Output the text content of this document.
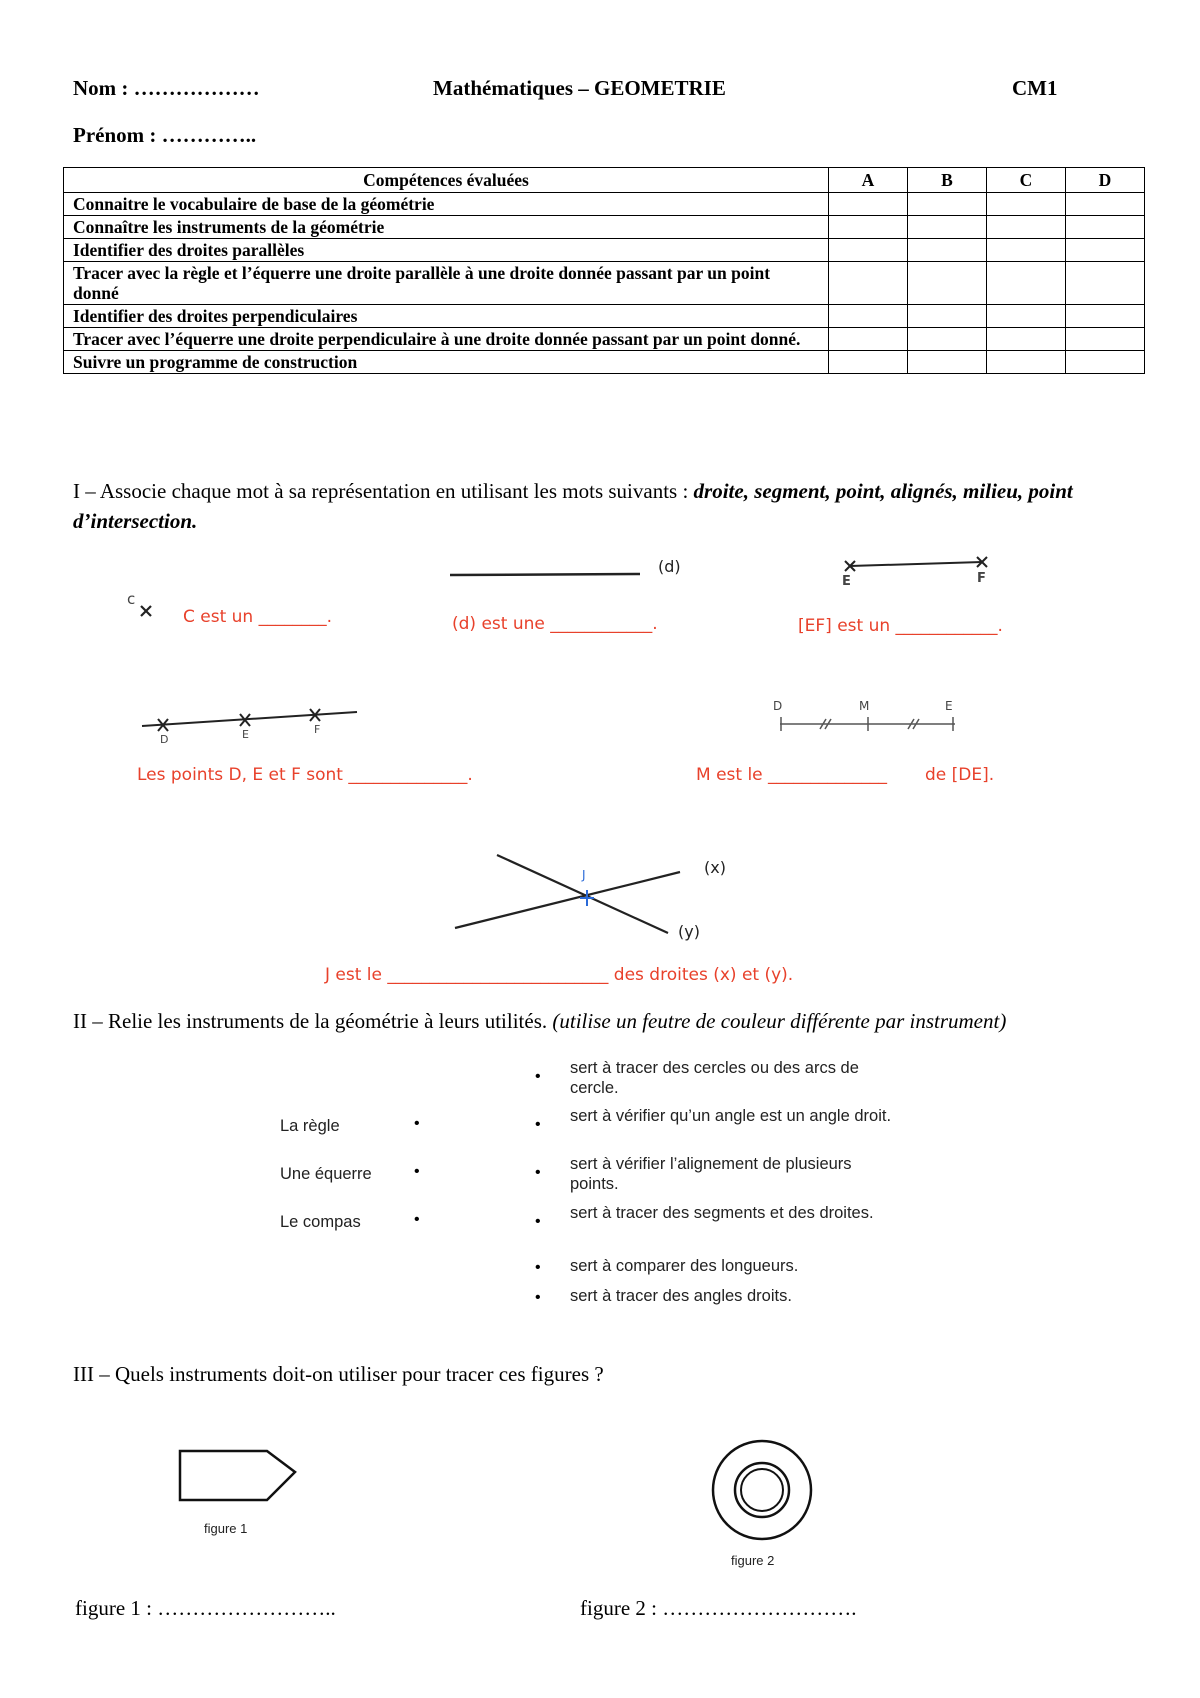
Nom : ………………	Mathématiques – GEOMETRIE	CM1
Prénom : …………..
Compétences évaluées	A	B	C	D
Connaitre le vocabulaire de base de la géométrie				
Connaître les instruments de la géométrie				
Identifier des droites parallèles				
Tracer avec la règle et l’équerre une droite parallèle à une droite donnée passant par un point donné				
Identifier des droites perpendiculaires				
Tracer avec l’équerre une droite perpendiculaire à une droite donnée passant par un point donné.				
Suivre un programme de construction				
I – Associe chaque mot à sa représentation en utilisant les mots suivants : droite, segment, point, alignés, milieu, point d’intersection.
c
C est un ________.
(d)
(d) est une ____________.
E	F
[EF] est un ____________.
D	E	F
Les points D, E et F sont ______________.
D	M	E
M est le ______________ de [DE].
J	(x)
(y)
J est le __________________________ des droites (x) et (y).
II – Relie les instruments de la géométrie à leurs utilités. (utilise un feutre de couleur différente par instrument)
La règle
Une équerre
Le compas
•
•
•
•
•
•
•
•
•
sert à tracer des cercles ou des arcs de cercle.
sert à vérifier qu’un angle est un angle droit.
sert à vérifier l’alignement de plusieurs points.
sert à tracer des segments et des droites.
sert à comparer des longueurs.
sert à tracer des angles droits.
III – Quels instruments doit-on utiliser pour tracer ces figures ?
figure 1
figure 2
figure 1 : ……………………..	figure 2 : ……………………….
